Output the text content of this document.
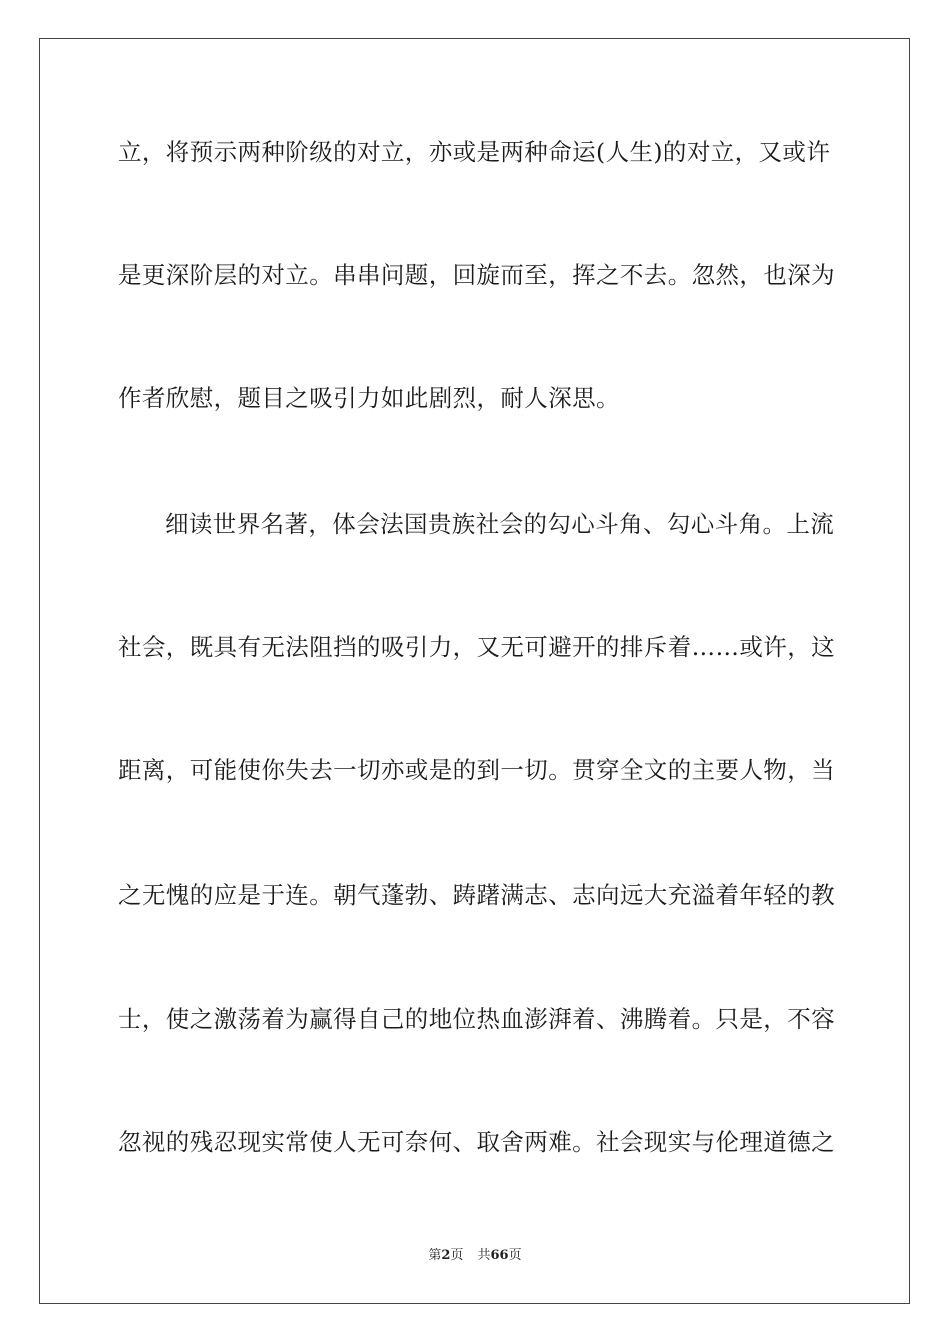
立，将预示两种阶级的对立，亦或是两种命运(人生)的对立，又或许
是更深阶层的对立。串串问题，回旋而至，挥之不去。忽然，也深为
作者欣慰，题目之吸引力如此剧烈，耐人深思。
细读世界名著，体会法国贵族社会的勾心斗角、勾心斗角。上流
社会，既具有无法阻挡的吸引力，又无可避开的排斥着……或许，这
距离，可能使你失去一切亦或是的到一切。贯穿全文的主要人物，当
之无愧的应是于连。朝气蓬勃、踌躇满志、志向远大充溢着年轻的教
士，使之激荡着为赢得自己的地位热血澎湃着、沸腾着。只是，不容
忽视的残忍现实常使人无可奈何、取舍两难。社会现实与伦理道德之
第2页 共66页
